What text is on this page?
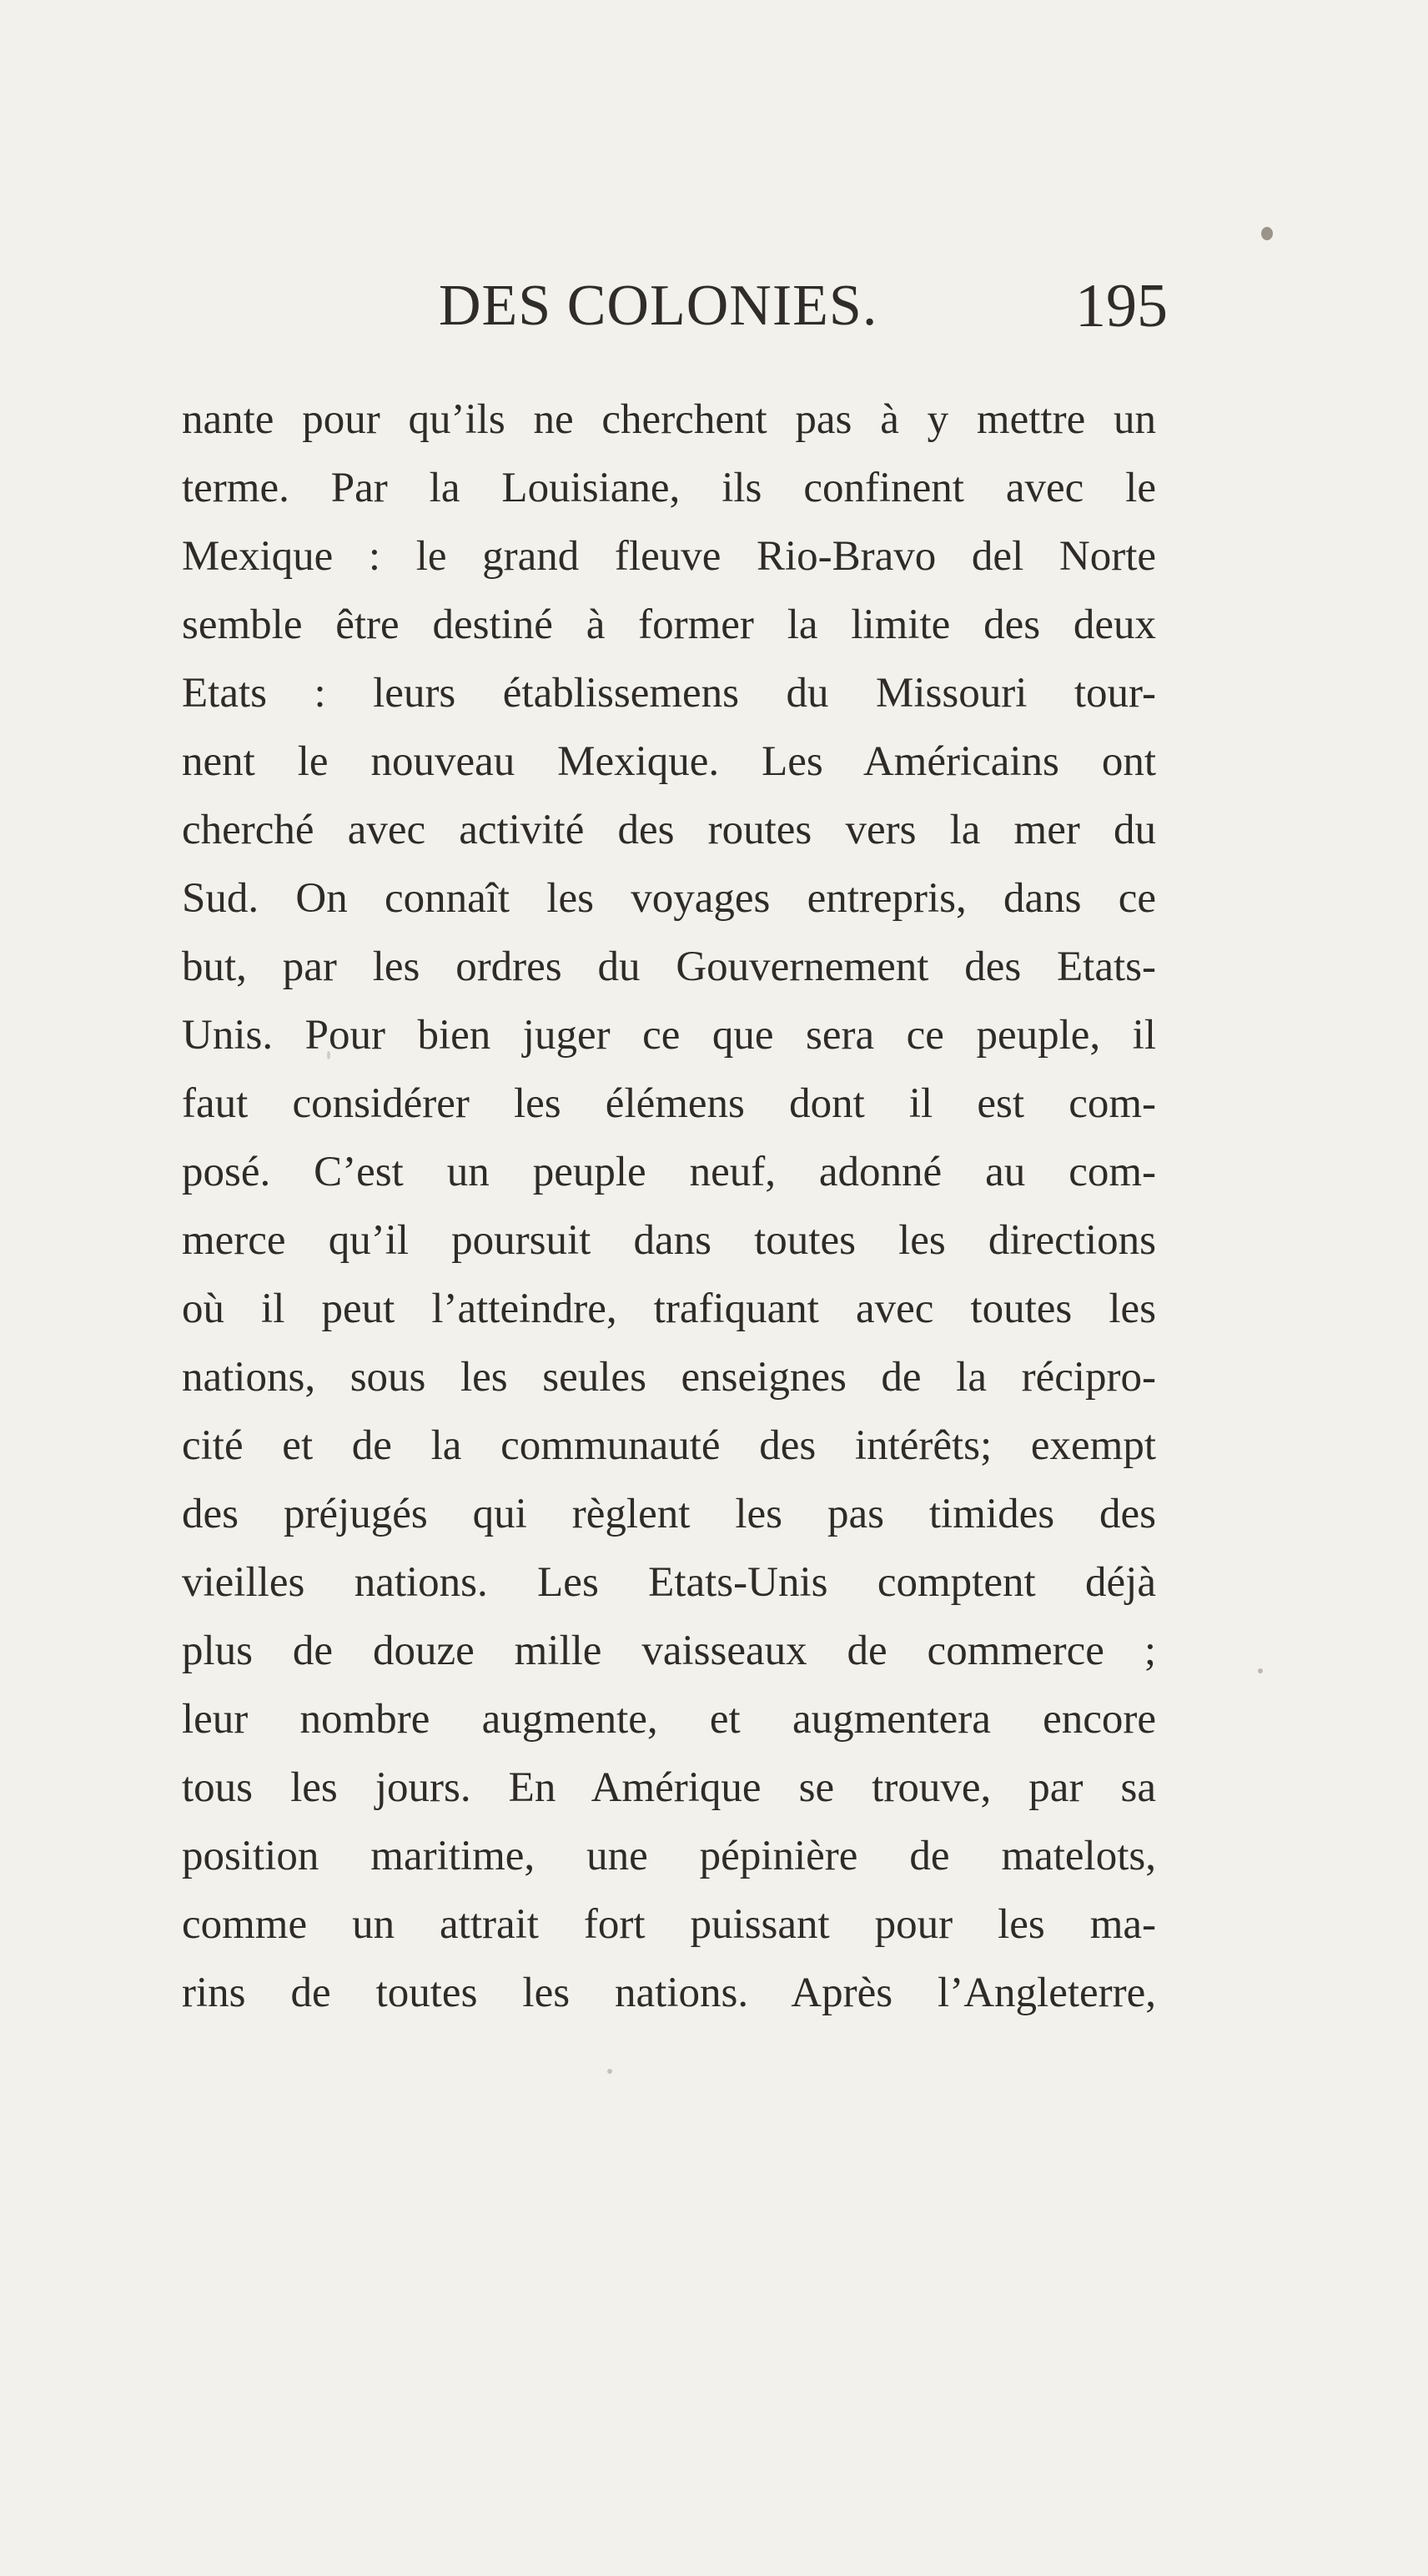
DES COLONIES.	195
nante pour qu’ils ne cherchent pas à y mettre un
terme. Par la Louisiane, ils confinent avec le
Mexique : le grand fleuve Rio-Bravo del Norte
semble être destiné à former la limite des deux
Etats : leurs établissemens du Missouri tour-
nent le nouveau Mexique. Les Américains ont
cherché avec activité des routes vers la mer du
Sud. On connaît les voyages entrepris, dans ce
but, par les ordres du Gouvernement des Etats-
Unis. Pour bien juger ce que sera ce peuple, il
faut considérer les élémens dont il est com-
posé. C’est un peuple neuf, adonné au com-
merce qu’il poursuit dans toutes les directions
où il peut l’atteindre, trafiquant avec toutes les
nations, sous les seules enseignes de la récipro-
cité et de la communauté des intérêts; exempt
des préjugés qui règlent les pas timides des
vieilles nations. Les Etats-Unis comptent déjà
plus de douze mille vaisseaux de commerce ;
leur nombre augmente, et augmentera encore
tous les jours. En Amérique se trouve, par sa
position maritime, une pépinière de matelots,
comme un attrait fort puissant pour les ma-
rins de toutes les nations. Après l’Angleterre,
